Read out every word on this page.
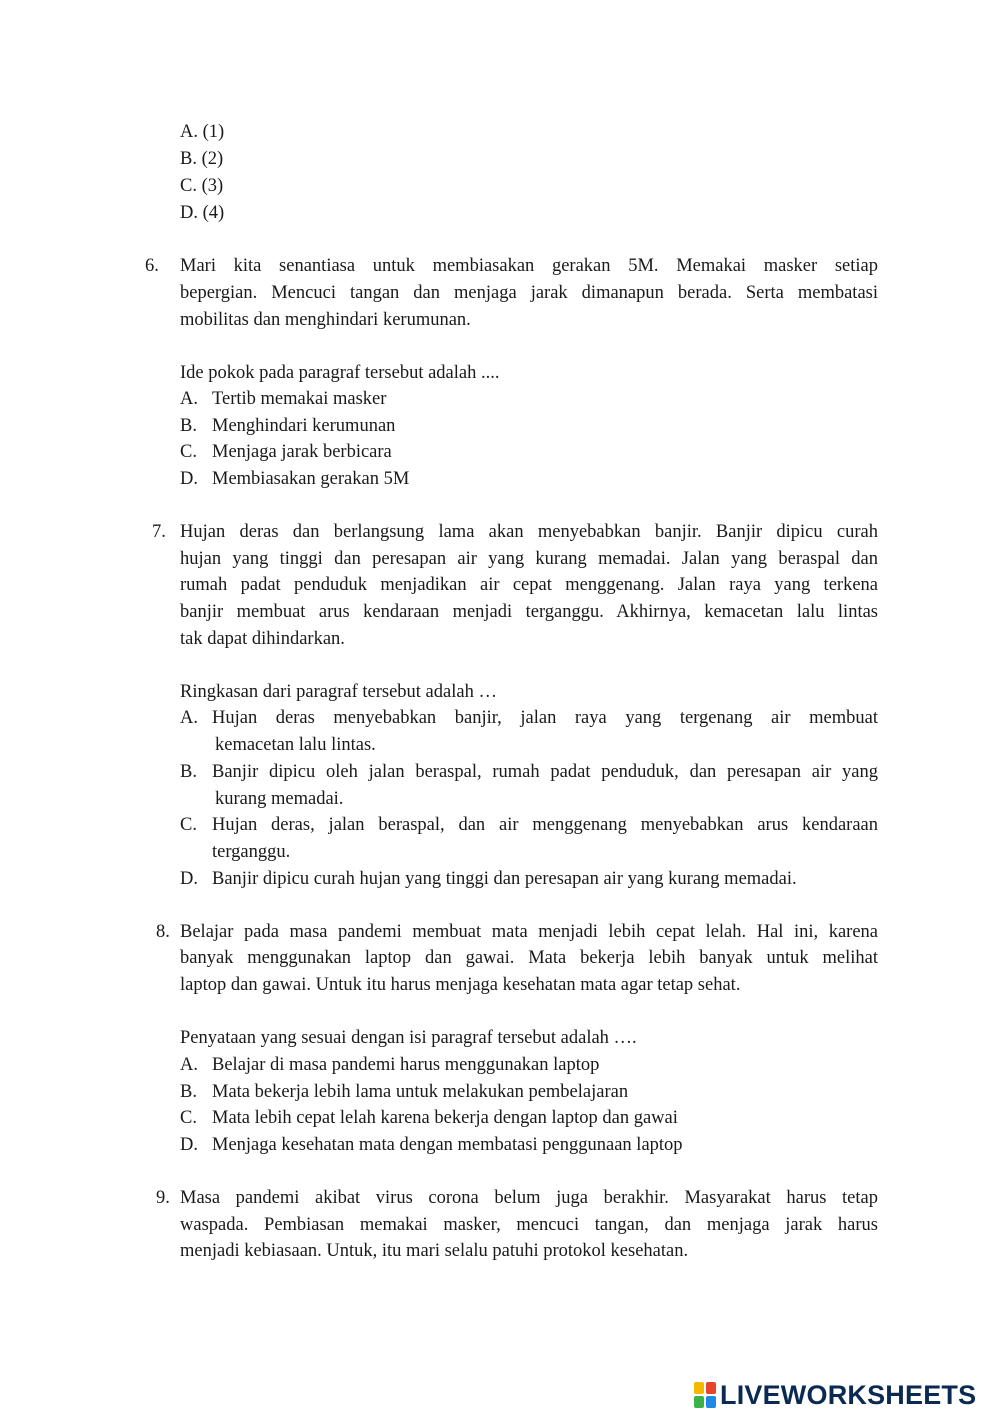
A. (1)
B. (2)
C. (3)
D. (4)
6. Mari kita senantiasa untuk membiasakan gerakan 5M. Memakai masker setiap
bepergian. Mencuci tangan dan menjaga jarak dimanapun berada. Serta membatasi
mobilitas dan menghindari kerumunan.
Ide pokok pada paragraf tersebut adalah ....
A. Tertib memakai masker
B. Menghindari kerumunan
C. Menjaga jarak berbicara
D. Membiasakan gerakan 5M
7. Hujan deras dan berlangsung lama akan menyebabkan banjir. Banjir dipicu curah
hujan yang tinggi dan peresapan air yang kurang memadai. Jalan yang beraspal dan
rumah padat penduduk menjadikan air cepat menggenang. Jalan raya yang terkena
banjir membuat arus kendaraan menjadi terganggu. Akhirnya, kemacetan lalu lintas
tak dapat dihindarkan.
Ringkasan dari paragraf tersebut adalah …
A. Hujan deras menyebabkan banjir, jalan raya yang tergenang air membuat
kemacetan lalu lintas.
B. Banjir dipicu oleh jalan beraspal, rumah padat penduduk, dan peresapan air yang
kurang memadai.
C. Hujan deras, jalan beraspal, dan air menggenang menyebabkan arus kendaraan
terganggu.
D. Banjir dipicu curah hujan yang tinggi dan peresapan air yang kurang memadai.
8. Belajar pada masa pandemi membuat mata menjadi lebih cepat lelah. Hal ini, karena
banyak menggunakan laptop dan gawai. Mata bekerja lebih banyak untuk melihat
laptop dan gawai. Untuk itu harus menjaga kesehatan mata agar tetap sehat.
Penyataan yang sesuai dengan isi paragraf tersebut adalah ….
A. Belajar di masa pandemi harus menggunakan laptop
B. Mata bekerja lebih lama untuk melakukan pembelajaran
C. Mata lebih cepat lelah karena bekerja dengan laptop dan gawai
D. Menjaga kesehatan mata dengan membatasi penggunaan laptop
9. Masa pandemi akibat virus corona belum juga berakhir. Masyarakat harus tetap
waspada. Pembiasan memakai masker, mencuci tangan, dan menjaga jarak harus
menjadi kebiasaan. Untuk, itu mari selalu patuhi protokol kesehatan.
LIVEWORKSHEETS
